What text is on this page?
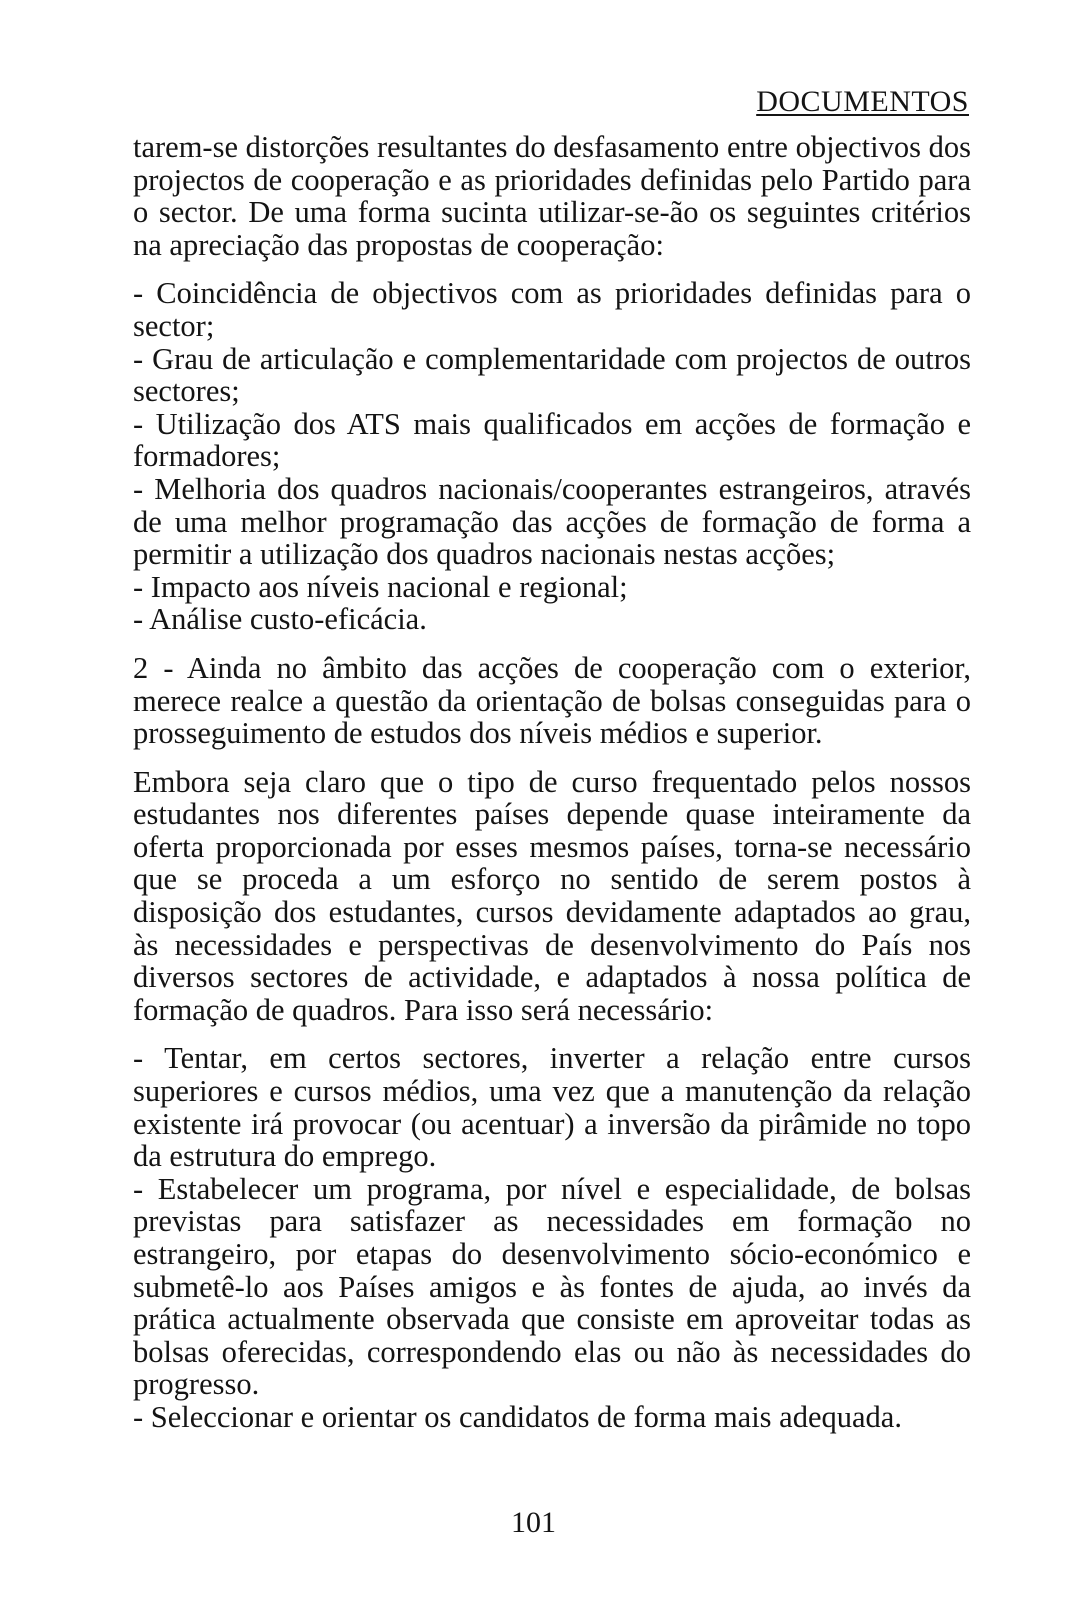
DOCUMENTOS

tarem-se distorções resultantes do desfasamento entre objectivos dos projectos de cooperação e as prioridades definidas pelo Partido para o sector. De uma forma sucinta utilizar-se-ão os seguintes critérios na apreciação das propostas de cooperação:

- Coincidência de objectivos com as prioridades definidas para o sector;
- Grau de articulação e complementaridade com projectos de outros sectores;
- Utilização dos ATS mais qualificados em acções de formação e formadores;
- Melhoria dos quadros nacionais/cooperantes estrangeiros, através de uma melhor programação das acções de formação de forma a permitir a utilização dos quadros nacionais nestas acções;
- Impacto aos níveis nacional e regional;
- Análise custo-eficácia.

2 - Ainda no âmbito das acções de cooperação com o exterior, merece realce a questão da orientação de bolsas conseguidas para o prosseguimento de estudos dos níveis médios e superior.

Embora seja claro que o tipo de curso frequentado pelos nossos estudantes nos diferentes países depende quase inteiramente da oferta proporcionada por esses mesmos países, torna-se necessário que se proceda a um esforço no sentido de serem postos à disposição dos estudantes, cursos devidamente adaptados ao grau, às necessidades e perspectivas de desenvolvimento do País nos diversos sectores de actividade, e adaptados à nossa política de formação de quadros. Para isso será necessário:

- Tentar, em certos sectores, inverter a relação entre cursos superiores e cursos médios, uma vez que a manutenção da relação existente irá provocar (ou acentuar) a inversão da pirâmide no topo da estrutura do emprego.
- Estabelecer um programa, por nível e especialidade, de bolsas previstas para satisfazer as necessidades em formação no estrangeiro, por etapas do desenvolvimento sócio-económico e submetê-lo aos Países amigos e às fontes de ajuda, ao invés da prática actualmente observada que consiste em aproveitar todas as bolsas oferecidas, correspondendo elas ou não às necessidades do progresso.
- Seleccionar e orientar os candidatos de forma mais adequada.
101
